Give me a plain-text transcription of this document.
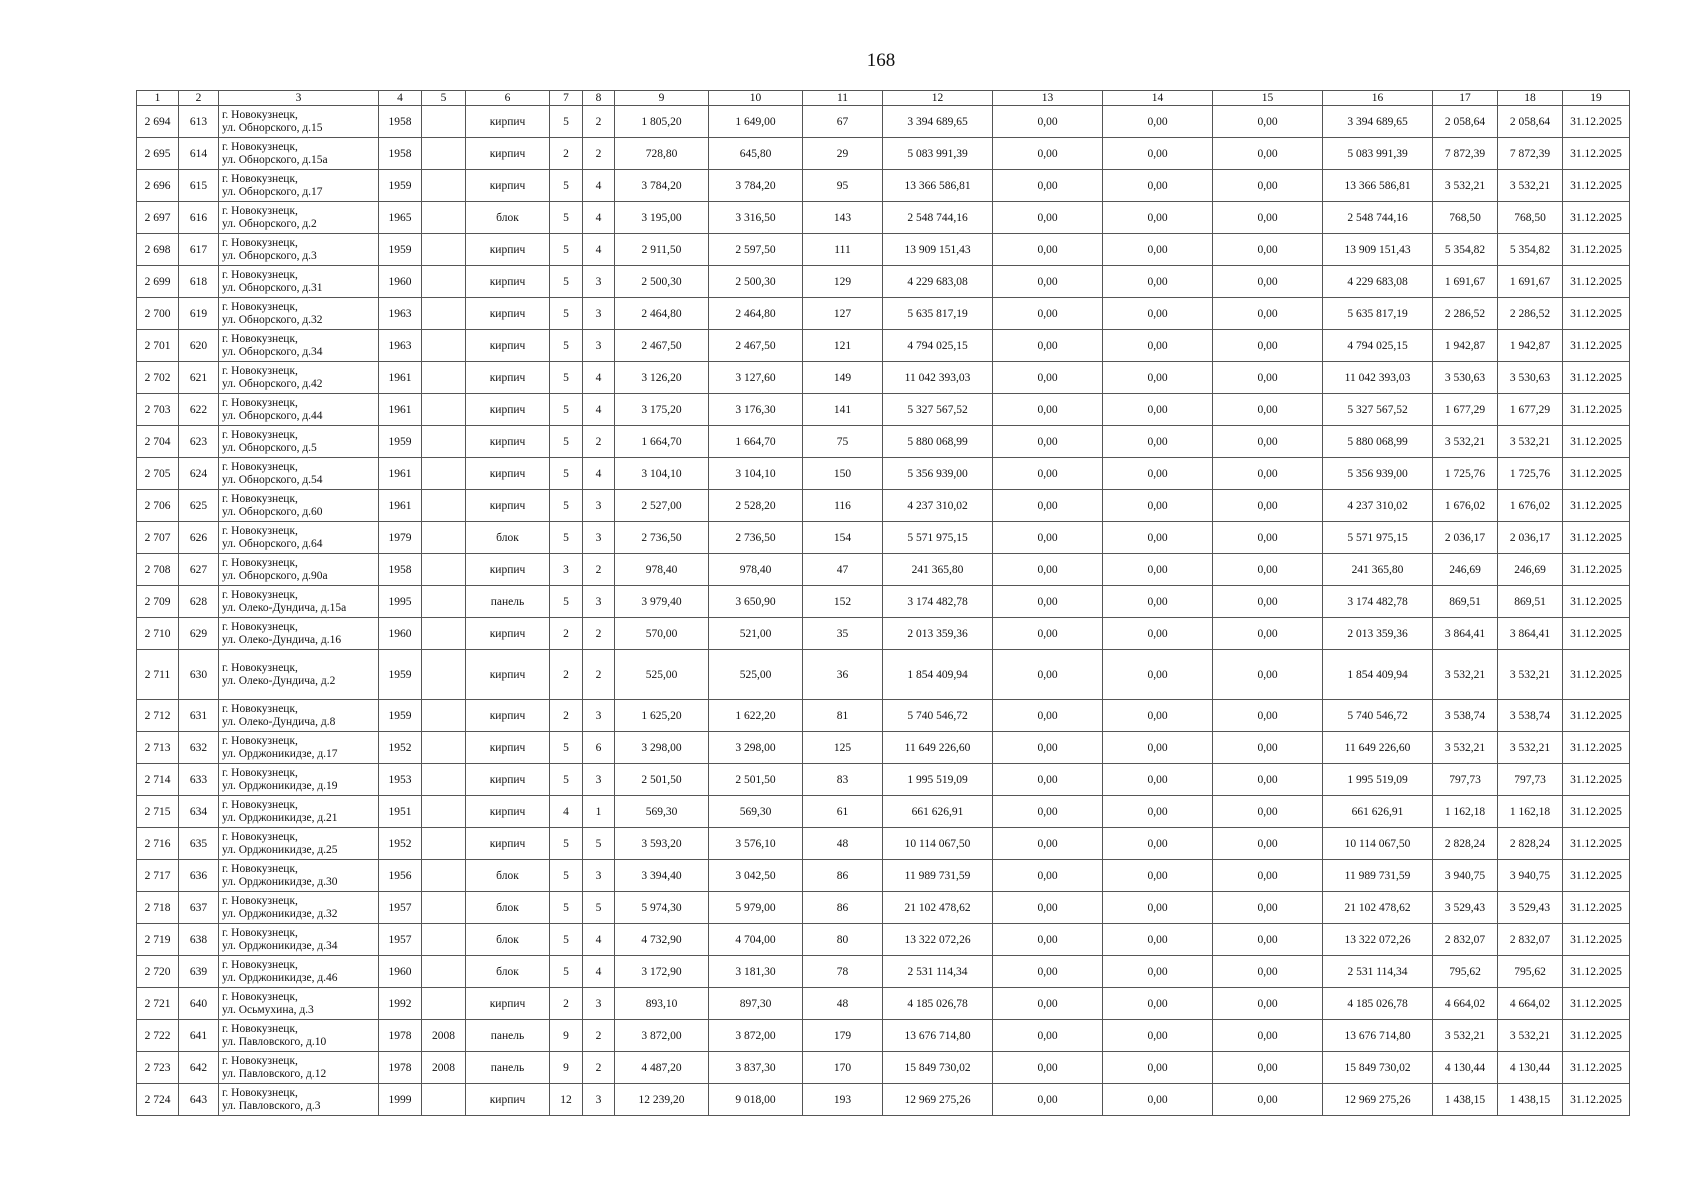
168
1	2	3	4	5	6	7	8	9	10	11	12	13	14	15	16	17	18	19
2 694	613	г. Новокузнецк,
ул. Обнорского, д.15	1958		кирпич	5	2	1 805,20	1 649,00	67	3 394 689,65	0,00	0,00	0,00	3 394 689,65	2 058,64	2 058,64	31.12.2025
2 695	614	г. Новокузнецк,
ул. Обнорского, д.15а	1958		кирпич	2	2	728,80	645,80	29	5 083 991,39	0,00	0,00	0,00	5 083 991,39	7 872,39	7 872,39	31.12.2025
2 696	615	г. Новокузнецк,
ул. Обнорского, д.17	1959		кирпич	5	4	3 784,20	3 784,20	95	13 366 586,81	0,00	0,00	0,00	13 366 586,81	3 532,21	3 532,21	31.12.2025
2 697	616	г. Новокузнецк,
ул. Обнорского, д.2	1965		блок	5	4	3 195,00	3 316,50	143	2 548 744,16	0,00	0,00	0,00	2 548 744,16	768,50	768,50	31.12.2025
2 698	617	г. Новокузнецк,
ул. Обнорского, д.3	1959		кирпич	5	4	2 911,50	2 597,50	111	13 909 151,43	0,00	0,00	0,00	13 909 151,43	5 354,82	5 354,82	31.12.2025
2 699	618	г. Новокузнецк,
ул. Обнорского, д.31	1960		кирпич	5	3	2 500,30	2 500,30	129	4 229 683,08	0,00	0,00	0,00	4 229 683,08	1 691,67	1 691,67	31.12.2025
2 700	619	г. Новокузнецк,
ул. Обнорского, д.32	1963		кирпич	5	3	2 464,80	2 464,80	127	5 635 817,19	0,00	0,00	0,00	5 635 817,19	2 286,52	2 286,52	31.12.2025
2 701	620	г. Новокузнецк,
ул. Обнорского, д.34	1963		кирпич	5	3	2 467,50	2 467,50	121	4 794 025,15	0,00	0,00	0,00	4 794 025,15	1 942,87	1 942,87	31.12.2025
2 702	621	г. Новокузнецк,
ул. Обнорского, д.42	1961		кирпич	5	4	3 126,20	3 127,60	149	11 042 393,03	0,00	0,00	0,00	11 042 393,03	3 530,63	3 530,63	31.12.2025
2 703	622	г. Новокузнецк,
ул. Обнорского, д.44	1961		кирпич	5	4	3 175,20	3 176,30	141	5 327 567,52	0,00	0,00	0,00	5 327 567,52	1 677,29	1 677,29	31.12.2025
2 704	623	г. Новокузнецк,
ул. Обнорского, д.5	1959		кирпич	5	2	1 664,70	1 664,70	75	5 880 068,99	0,00	0,00	0,00	5 880 068,99	3 532,21	3 532,21	31.12.2025
2 705	624	г. Новокузнецк,
ул. Обнорского, д.54	1961		кирпич	5	4	3 104,10	3 104,10	150	5 356 939,00	0,00	0,00	0,00	5 356 939,00	1 725,76	1 725,76	31.12.2025
2 706	625	г. Новокузнецк,
ул. Обнорского, д.60	1961		кирпич	5	3	2 527,00	2 528,20	116	4 237 310,02	0,00	0,00	0,00	4 237 310,02	1 676,02	1 676,02	31.12.2025
2 707	626	г. Новокузнецк,
ул. Обнорского, д.64	1979		блок	5	3	2 736,50	2 736,50	154	5 571 975,15	0,00	0,00	0,00	5 571 975,15	2 036,17	2 036,17	31.12.2025
2 708	627	г. Новокузнецк,
ул. Обнорского, д.90а	1958		кирпич	3	2	978,40	978,40	47	241 365,80	0,00	0,00	0,00	241 365,80	246,69	246,69	31.12.2025
2 709	628	г. Новокузнецк,
ул. Олеко-Дундича, д.15а	1995		панель	5	3	3 979,40	3 650,90	152	3 174 482,78	0,00	0,00	0,00	3 174 482,78	869,51	869,51	31.12.2025
2 710	629	г. Новокузнецк,
ул. Олеко-Дундича, д.16	1960		кирпич	2	2	570,00	521,00	35	2 013 359,36	0,00	0,00	0,00	2 013 359,36	3 864,41	3 864,41	31.12.2025
2 711	630	г. Новокузнецк,
ул. Олеко-Дундича, д.2	1959		кирпич	2	2	525,00	525,00	36	1 854 409,94	0,00	0,00	0,00	1 854 409,94	3 532,21	3 532,21	31.12.2025
2 712	631	г. Новокузнецк,
ул. Олеко-Дундича, д.8	1959		кирпич	2	3	1 625,20	1 622,20	81	5 740 546,72	0,00	0,00	0,00	5 740 546,72	3 538,74	3 538,74	31.12.2025
2 713	632	г. Новокузнецк,
ул. Орджоникидзе, д.17	1952		кирпич	5	6	3 298,00	3 298,00	125	11 649 226,60	0,00	0,00	0,00	11 649 226,60	3 532,21	3 532,21	31.12.2025
2 714	633	г. Новокузнецк,
ул. Орджоникидзе, д.19	1953		кирпич	5	3	2 501,50	2 501,50	83	1 995 519,09	0,00	0,00	0,00	1 995 519,09	797,73	797,73	31.12.2025
2 715	634	г. Новокузнецк,
ул. Орджоникидзе, д.21	1951		кирпич	4	1	569,30	569,30	61	661 626,91	0,00	0,00	0,00	661 626,91	1 162,18	1 162,18	31.12.2025
2 716	635	г. Новокузнецк,
ул. Орджоникидзе, д.25	1952		кирпич	5	5	3 593,20	3 576,10	48	10 114 067,50	0,00	0,00	0,00	10 114 067,50	2 828,24	2 828,24	31.12.2025
2 717	636	г. Новокузнецк,
ул. Орджоникидзе, д.30	1956		блок	5	3	3 394,40	3 042,50	86	11 989 731,59	0,00	0,00	0,00	11 989 731,59	3 940,75	3 940,75	31.12.2025
2 718	637	г. Новокузнецк,
ул. Орджоникидзе, д.32	1957		блок	5	5	5 974,30	5 979,00	86	21 102 478,62	0,00	0,00	0,00	21 102 478,62	3 529,43	3 529,43	31.12.2025
2 719	638	г. Новокузнецк,
ул. Орджоникидзе, д.34	1957		блок	5	4	4 732,90	4 704,00	80	13 322 072,26	0,00	0,00	0,00	13 322 072,26	2 832,07	2 832,07	31.12.2025
2 720	639	г. Новокузнецк,
ул. Орджоникидзе, д.46	1960		блок	5	4	3 172,90	3 181,30	78	2 531 114,34	0,00	0,00	0,00	2 531 114,34	795,62	795,62	31.12.2025
2 721	640	г. Новокузнецк,
ул. Осьмухина, д.3	1992		кирпич	2	3	893,10	897,30	48	4 185 026,78	0,00	0,00	0,00	4 185 026,78	4 664,02	4 664,02	31.12.2025
2 722	641	г. Новокузнецк,
ул. Павловского, д.10	1978	2008	панель	9	2	3 872,00	3 872,00	179	13 676 714,80	0,00	0,00	0,00	13 676 714,80	3 532,21	3 532,21	31.12.2025
2 723	642	г. Новокузнецк,
ул. Павловского, д.12	1978	2008	панель	9	2	4 487,20	3 837,30	170	15 849 730,02	0,00	0,00	0,00	15 849 730,02	4 130,44	4 130,44	31.12.2025
2 724	643	г. Новокузнецк,
ул. Павловского, д.3	1999		кирпич	12	3	12 239,20	9 018,00	193	12 969 275,26	0,00	0,00	0,00	12 969 275,26	1 438,15	1 438,15	31.12.2025
